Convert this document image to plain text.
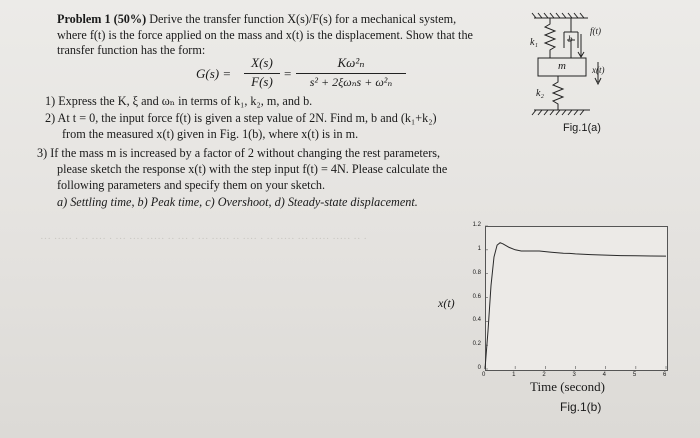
··· ····· · ·· ···· · ··· ···· ····· ·· ··· · ··· ····· ·· ···· · ·· ····· ··· ····· ····· ·· ·
Problem 1 (50%) Derive the transfer function X(s)/F(s) for a mechanical system,
where f(t) is the force applied on the mass and x(t) is the displacement. Show that the
transfer function has the form:
G(s) =
X(s)
F(s)
=
Kω²ₙ
s² + 2ξωₙs + ω²ₙ
1) Express the K, ξ and ωₙ in terms of k₁, k₂, m, and b.
2) At t = 0, the input force f(t) is given a step value of 2N. Find m, b and (k₁+k₂)
from the measured x(t) given in Fig. 1(b), where x(t) is in m.
3) If the mass m is increased by a factor of 2 without changing the rest parameters,
please sketch the response x(t) with the step input f(t) = 4N. Please calculate the
following parameters and specify them on your sketch.
a) Settling time, b) Peak time, c) Overshoot, d) Steady-state displacement.
k₁	b
f(t)
m	x(t)
k₂
Fig.1(a)
x(t)
0
0.2
0.4
0.6
0.8
1
1.2
0	1	2	3	4	5	6
Time (second)
Fig.1(b)
